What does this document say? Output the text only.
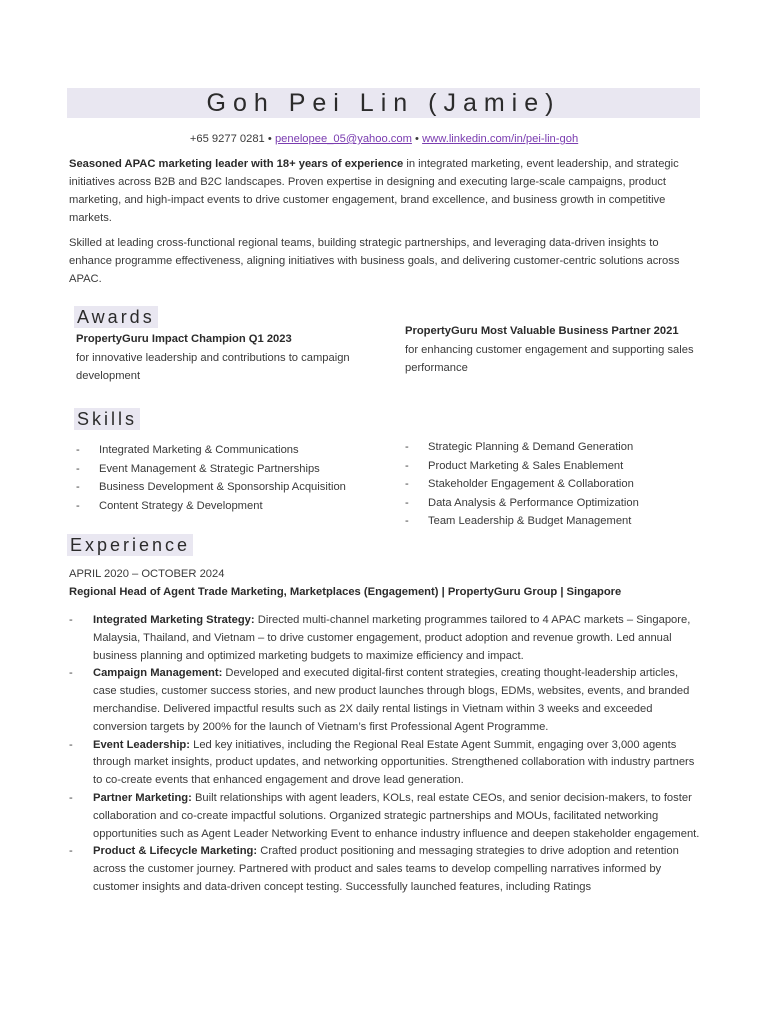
Goh Pei Lin (Jamie)
+65 9277 0281 • penelopee_05@yahoo.com • www.linkedin.com/in/pei-lin-goh

Seasoned APAC marketing leader with 18+ years of experience in integrated marketing, event leadership, and strategic initiatives across B2B and B2C landscapes. Proven expertise in designing and executing large-scale campaigns, product marketing, and high-impact events to drive customer engagement, brand excellence, and business growth in competitive markets.

Skilled at leading cross-functional regional teams, building strategic partnerships, and leveraging data-driven insights to enhance programme effectiveness, aligning initiatives with business goals, and delivering customer-centric solutions across APAC.

Awards
PropertyGuru Impact Champion Q1 2023
for innovative leadership and contributions to campaign development
PropertyGuru Most Valuable Business Partner 2021
for enhancing customer engagement and supporting sales performance
Skills
- Integrated Marketing & Communications
- Event Management & Strategic Partnerships
- Business Development & Sponsorship Acquisition
- Content Strategy & Development
- Strategic Planning & Demand Generation
- Product Marketing & Sales Enablement
- Stakeholder Engagement & Collaboration
- Data Analysis & Performance Optimization
- Team Leadership & Budget Management
Experience
APRIL 2020 – OCTOBER 2024
Regional Head of Agent Trade Marketing, Marketplaces (Engagement) | PropertyGuru Group | Singapore
- Integrated Marketing Strategy: Directed multi-channel marketing programmes tailored to 4 APAC markets – Singapore, Malaysia, Thailand, and Vietnam – to drive customer engagement, product adoption and revenue growth. Led annual business planning and optimized marketing budgets to maximize efficiency and impact.
- Campaign Management: Developed and executed digital-first content strategies, creating thought-leadership articles, case studies, customer success stories, and new product launches through blogs, EDMs, websites, events, and branded merchandise. Delivered impactful results such as 2X daily rental listings in Vietnam within 3 weeks and exceeded conversion targets by 200% for the launch of Vietnam’s first Professional Agent Programme.
- Event Leadership: Led key initiatives, including the Regional Real Estate Agent Summit, engaging over 3,000 agents through market insights, product updates, and networking opportunities. Strengthened collaboration with industry partners to co-create events that enhanced engagement and drove lead generation.
- Partner Marketing: Built relationships with agent leaders, KOLs, real estate CEOs, and senior decision-makers, to foster collaboration and co-create impactful solutions. Organized strategic partnerships and MOUs, facilitated networking opportunities such as Agent Leader Networking Event to enhance industry influence and deepen stakeholder engagement.
- Product & Lifecycle Marketing: Crafted product positioning and messaging strategies to drive adoption and retention across the customer journey. Partnered with product and sales teams to develop compelling narratives informed by customer insights and data-driven concept testing. Successfully launched features, including Ratings
